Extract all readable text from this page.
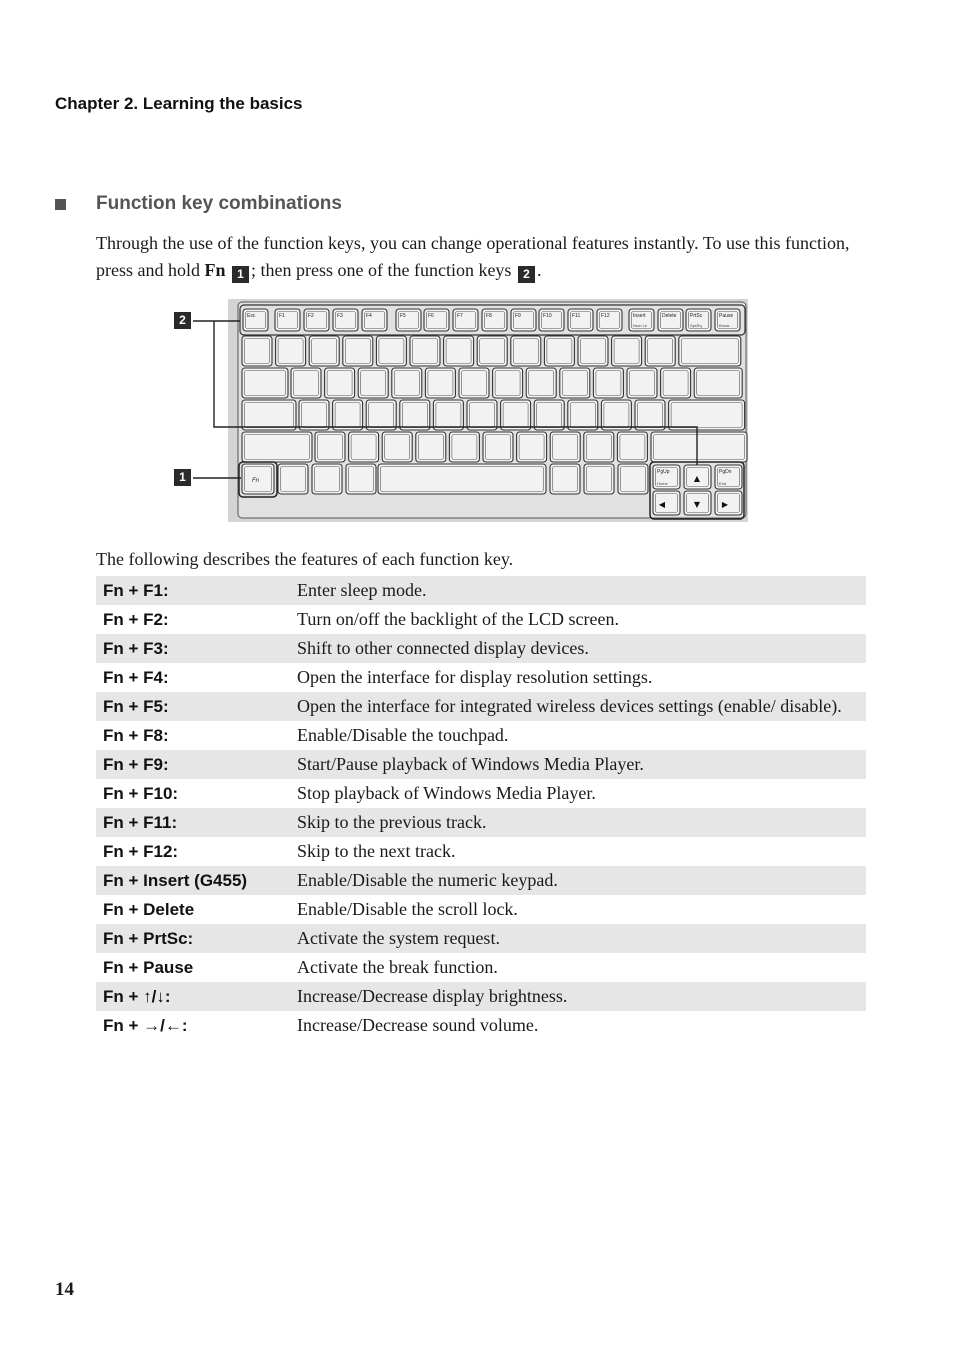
Chapter 2. Learning the basics
Function key combinations
Through the use of the function keys, you can change operational features instantly. To use this function, press and hold Fn 1 ; then press one of the function keys 2 .
2
1
Esc	F1	F2	F3	F4	F5	F6	F7	F8	F9	F10	F11	F12	Insert
Num Lk
Delete	PrtSc
SysRq
Pause
Break
Fn
PgUp
Home
PgDn
End
▲
▼
◀	▶
The following describes the features of each function key.
Fn + F1:	Enter sleep mode.
Fn + F2:	Turn on/off the backlight of the LCD screen.
Fn + F3:	Shift to other connected display devices.
Fn + F4:	Open the interface for display resolution settings.
Fn + F5:	Open the interface for integrated wireless devices settings (enable/ disable).
Fn + F8:	Enable/Disable the touchpad.
Fn + F9:	Start/Pause playback of Windows Media Player.
Fn + F10:	Stop playback of Windows Media Player.
Fn + F11:	Skip to the previous track.
Fn + F12:	Skip to the next track.
Fn + Insert (G455)	Enable/Disable the numeric keypad.
Fn + Delete	Enable/Disable the scroll lock.
Fn + PrtSc:	Activate the system request.
Fn + Pause	Activate the break function.
Fn + ↑/↓:	Increase/Decrease display brightness.
Fn + →/←:	Increase/Decrease sound volume.
14
